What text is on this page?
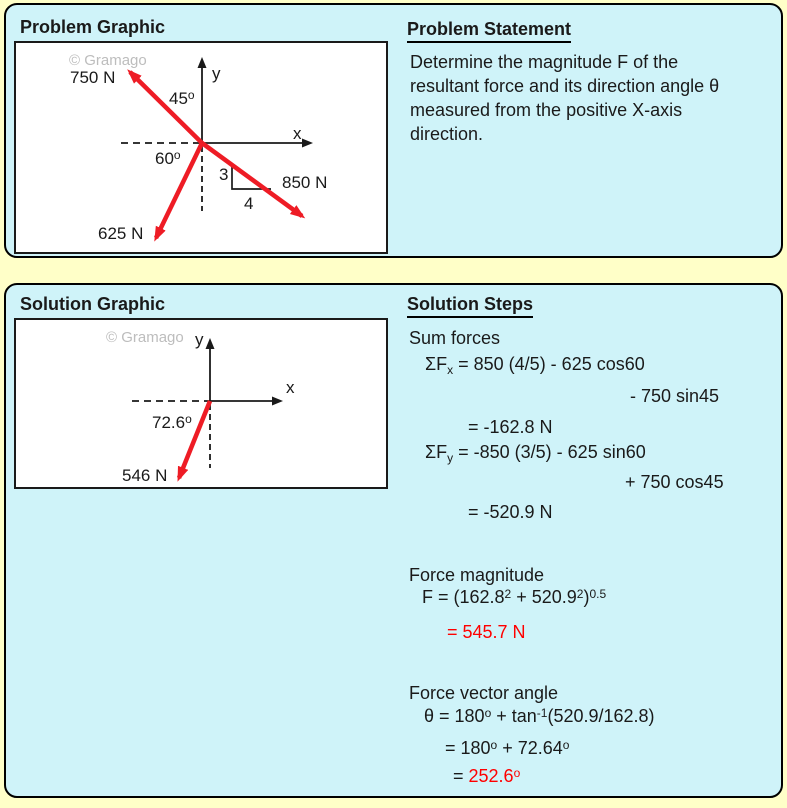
Problem Graphic
© Gramago
750 N
45$^o$
y
x
60$^o$
3
4
850 N
625 N
Problem Statement
Determine the magnitude F of the
resultant force and its direction angle θ
measured from the positive X-axis
direction.
Solution Graphic
© Gramago y
x
72.6$^o$
546 N
Solution Steps
Sum forces
$\Sigma F_x = 850$ (4/5) - 625 cos60
- 750 sin45
= -162.8 N
$\Sigma F_y = -850$ (3/5) - 625 sin60
+ 750 cos45
= -520.9 N
Force magnitude
$F = (162.8^2 + 520.9^2)^{0.5}$
= 545.7 N
Force vector angle
$\theta = 180^o + \tan^{-1}(520.9/162.8)$
= $180^o + 72.64^o$
= $252.6^o$
